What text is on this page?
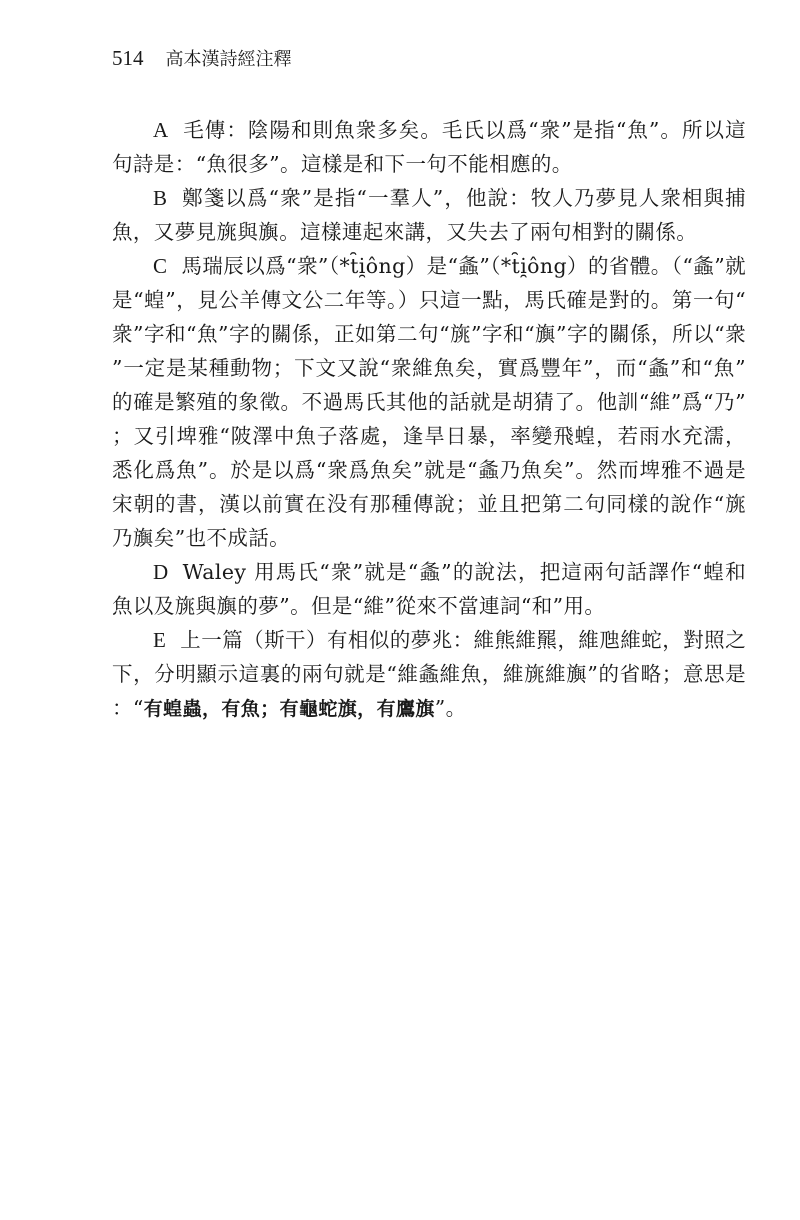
514 高本漢詩經注釋

A 毛傳：陰陽和則魚衆多矣。毛氏以爲“衆”是指“魚”。所以這句詩是：“魚很多”。這樣是和下一句不能相應的。

B 鄭箋以爲“衆”是指“一羣人”，他說：牧人乃夢見人衆相與捕魚，又夢見旐與旟。這樣連起來講，又失去了兩句相對的關係。

C 馬瑞辰以爲“衆”（*t̑i̯ông）是“螽”（*t̑i̯ông）的省體。（“螽”就是“蝗”，見公羊傳文公二年等。）只這一點，馬氏確是對的。第一句“衆”字和“魚”字的關係，正如第二句“旐”字和“旟”字的關係，所以“衆”一定是某種動物；下文又說“衆維魚矣，實爲豐年”，而“螽”和“魚”的確是繁殖的象徵。不過馬氏其他的話就是胡猜了。他訓“維”爲“乃”；又引埤雅“陂澤中魚子落處，逢旱日暴，率變飛蝗，若雨水充濡，悉化爲魚”。於是以爲“衆爲魚矣”就是“螽乃魚矣”。然而埤雅不過是宋朝的書，漢以前實在没有那種傳說；並且把第二句同樣的說作“旐乃旟矣”也不成話。

D Waley 用馬氏“衆”就是“螽”的說法，把這兩句話譯作“蝗和魚以及旐與旟的夢”。但是“維”從來不當連詞“和”用。

E 上一篇（斯干）有相似的夢兆：維熊維羆，維虺維蛇，對照之下，分明顯示這裏的兩句就是“維螽維魚，維旐維旟”的省略；意思是：“有蝗蟲，有魚；有龜蛇旗，有鷹旗”。
